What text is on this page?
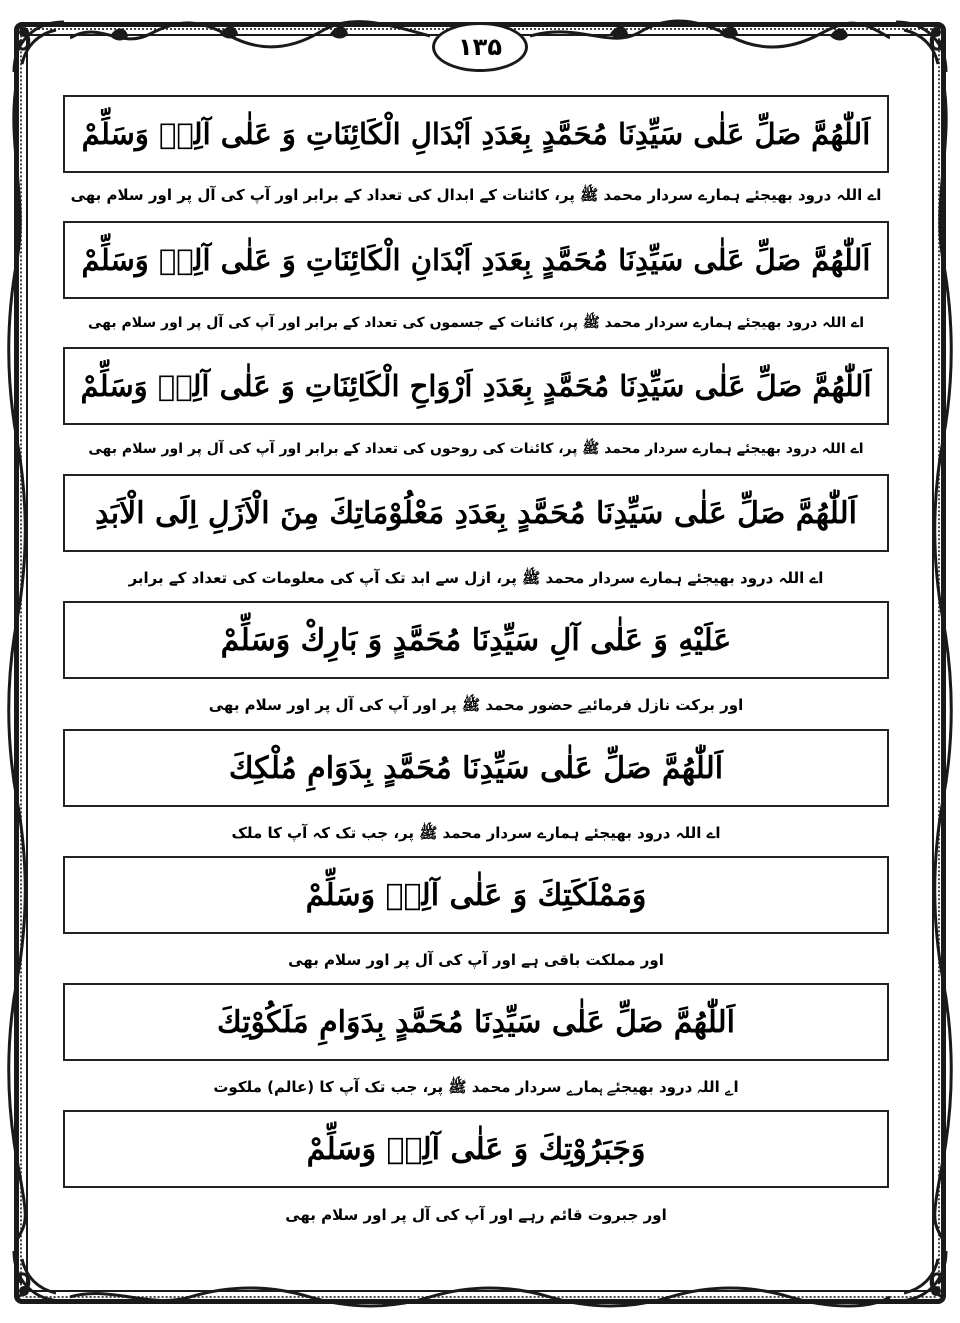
۱۳۵
اَللّٰهُمَّ صَلِّ عَلٰى سَيِّدِنَا مُحَمَّدٍ بِعَدَدِ اَبْدَالِ الْكَائِنَاتِ وَ عَلٰى آلِهٖ وَسَلِّمْ
اے اللہ درود بھیجئے ہمارے سردار محمد ﷺ پر، کائنات کے ابدال کی تعداد کے برابر اور آپ کی آل پر اور سلام بھی
اَللّٰهُمَّ صَلِّ عَلٰى سَيِّدِنَا مُحَمَّدٍ بِعَدَدِ اَبْدَانِ الْكَائِنَاتِ وَ عَلٰى آلِهٖ وَسَلِّمْ
اے اللہ درود بھیجئے ہمارے سردار محمد ﷺ پر، کائنات کے جسموں کی تعداد کے برابر اور آپ کی آل پر اور سلام بھی
اَللّٰهُمَّ صَلِّ عَلٰى سَيِّدِنَا مُحَمَّدٍ بِعَدَدِ اَرْوَاحِ الْكَائِنَاتِ وَ عَلٰى آلِهٖ وَسَلِّمْ
اے اللہ درود بھیجئے ہمارے سردار محمد ﷺ پر، کائنات کی روحوں کی تعداد کے برابر اور آپ کی آل پر اور سلام بھی
اَللّٰهُمَّ صَلِّ عَلٰى سَيِّدِنَا مُحَمَّدٍ بِعَدَدِ مَعْلُوْمَاتِكَ مِنَ الْاَزَلِ اِلَى الْاَبَدِ
اے اللہ درود بھیجئے ہمارے سردار محمد ﷺ پر، ازل سے ابد تک آپ کی معلومات کی تعداد کے برابر
عَلَيْهِ وَ عَلٰى آلِ سَيِّدِنَا مُحَمَّدٍ وَ بَارِكْ وَسَلِّمْ
اور برکت نازل فرمائیے حضور محمد ﷺ پر اور آپ کی آل پر اور سلام بھی
اَللّٰهُمَّ صَلِّ عَلٰى سَيِّدِنَا مُحَمَّدٍ بِدَوَامِ مُلْكِكَ
اے اللہ درود بھیجئے ہمارے سردار محمد ﷺ پر، جب تک کہ آپ کا ملک
وَمَمْلَكَتِكَ وَ عَلٰى آلِهٖ وَسَلِّمْ
اور مملکت باقی ہے اور آپ کی آل پر اور سلام بھی
اَللّٰهُمَّ صَلِّ عَلٰى سَيِّدِنَا مُحَمَّدٍ بِدَوَامِ مَلَكُوْتِكَ
اے اللہ درود بھیجئے ہمارے سردار محمد ﷺ پر، جب تک آپ کا (عالم) ملکوت
وَجَبَرُوْتِكَ وَ عَلٰى آلِهٖ وَسَلِّمْ
اور جبروت قائم رہے اور آپ کی آل پر اور سلام بھی
